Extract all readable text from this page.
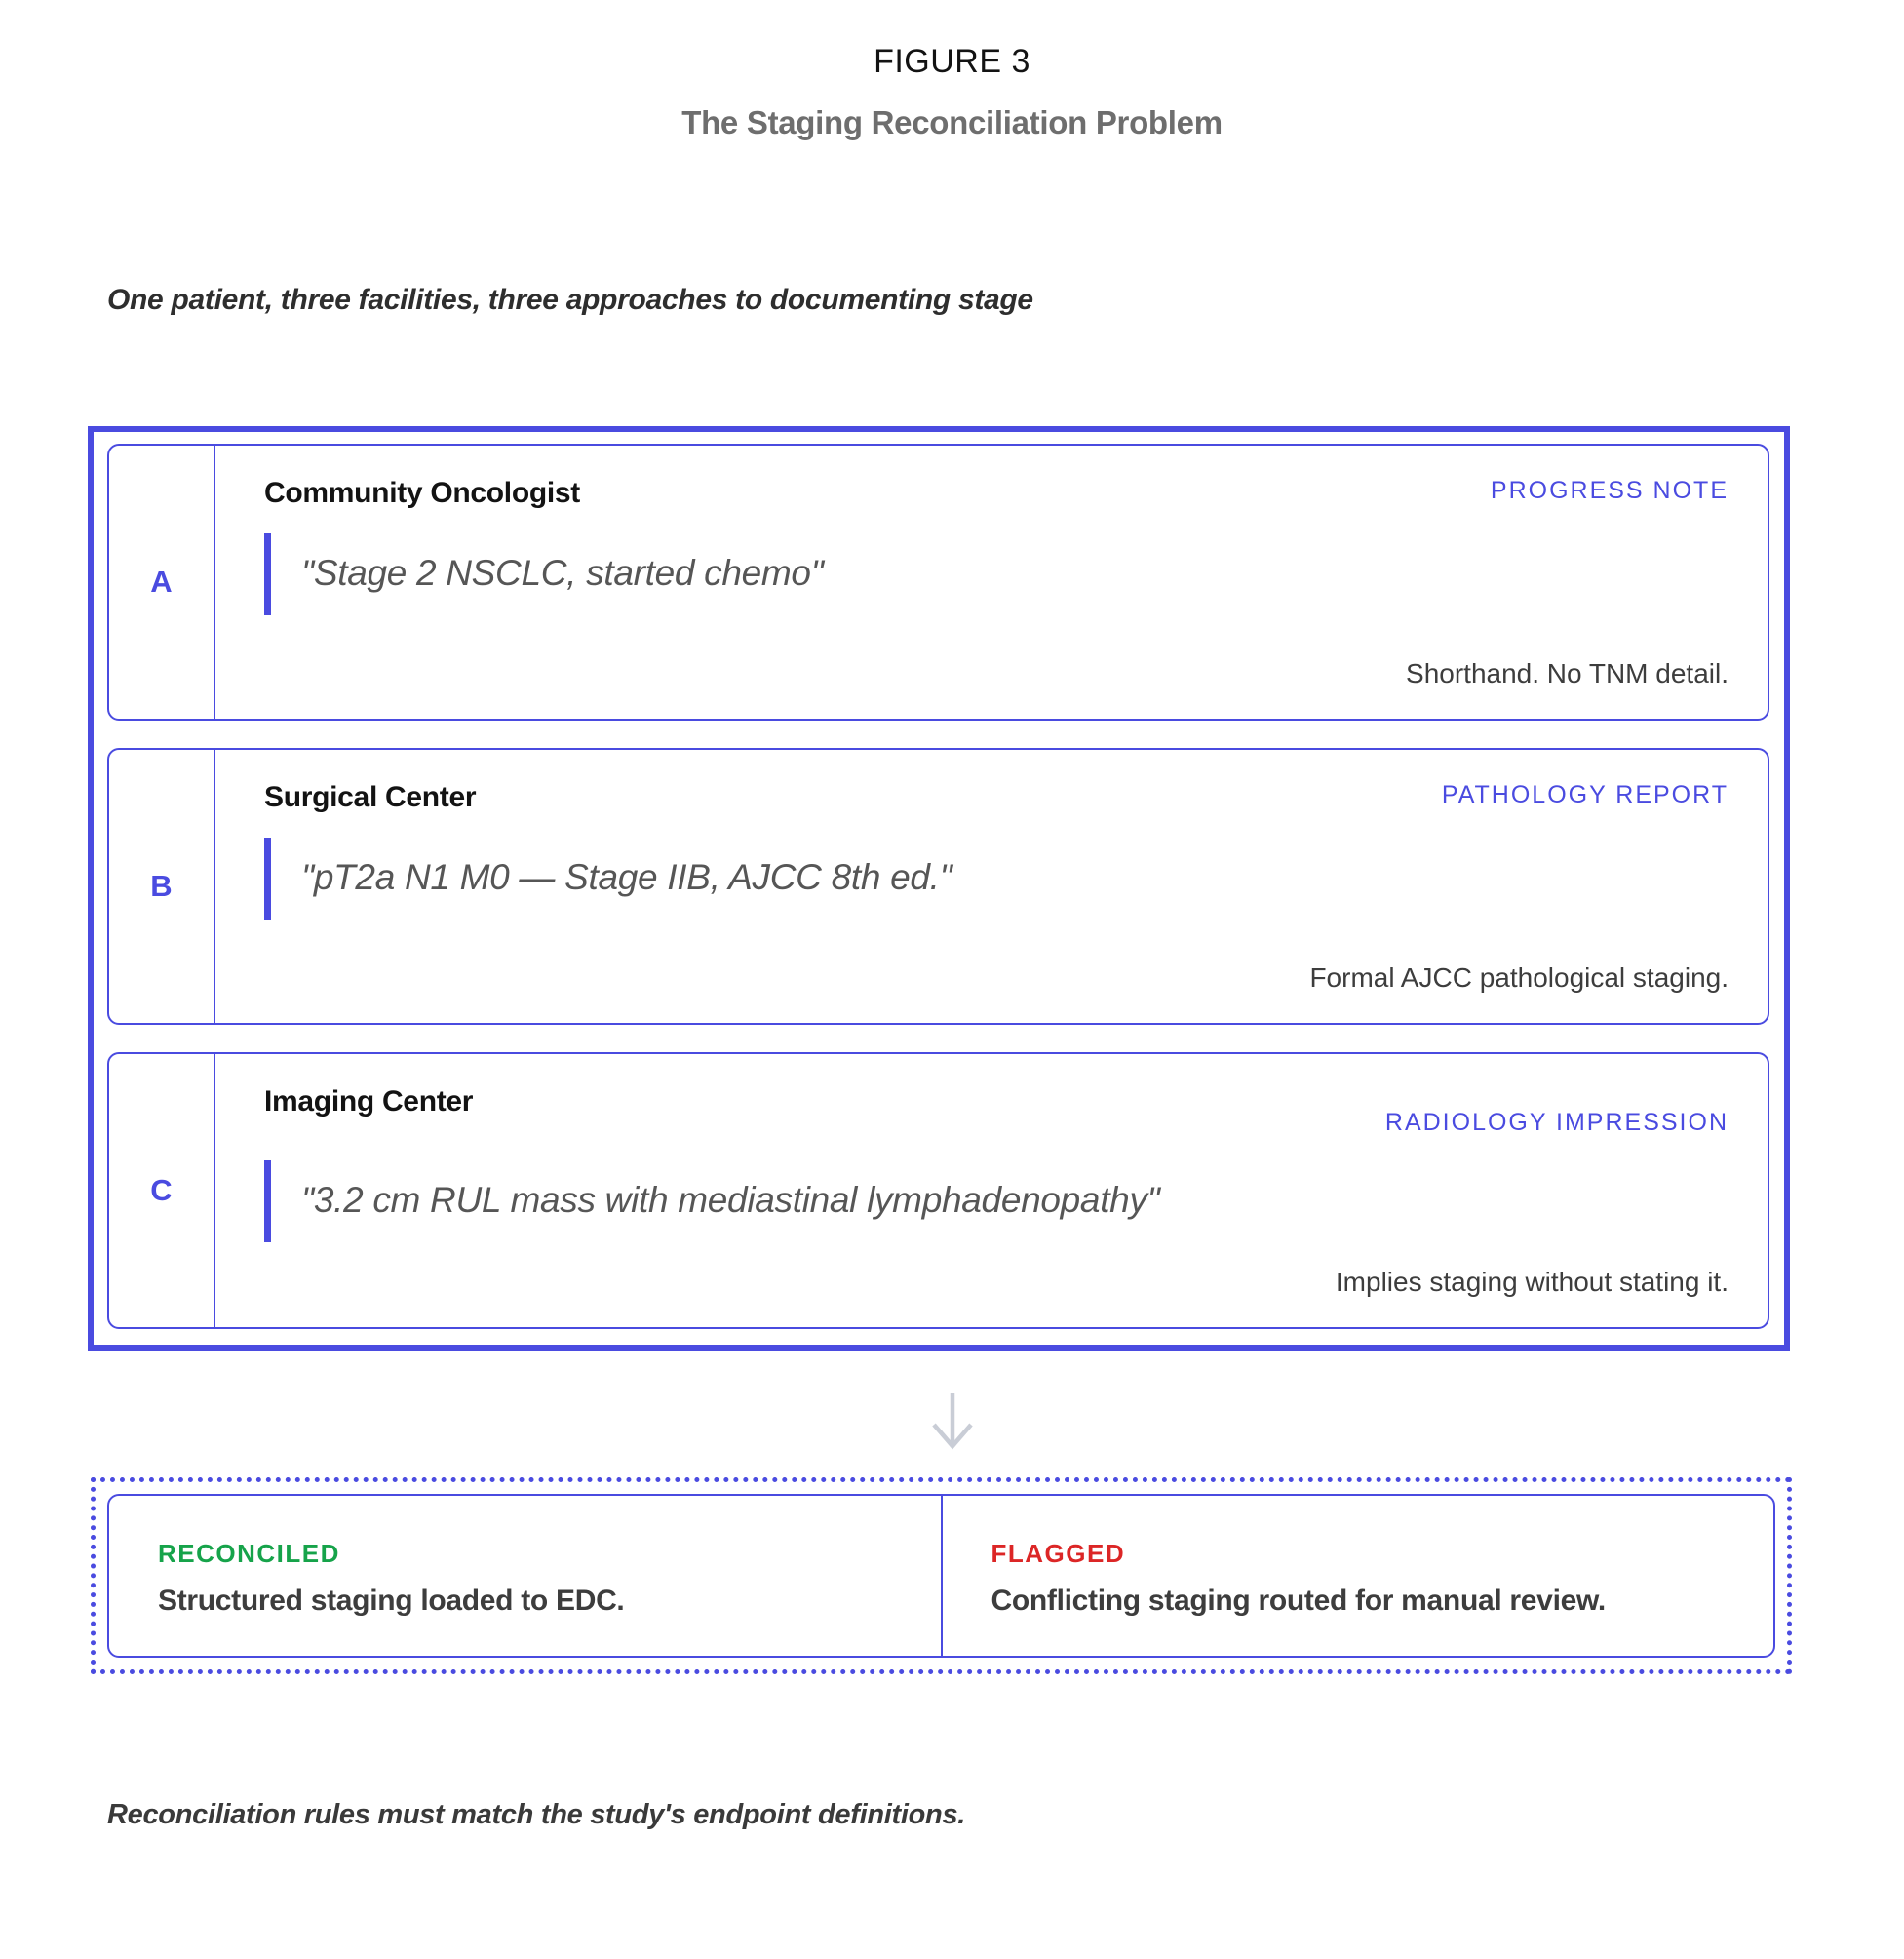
FIGURE 3
The Staging Reconciliation Problem

One patient, three facilities, three approaches to documenting stage

A
Community Oncologist	PROGRESS NOTE
"Stage 2 NSCLC, started chemo"
Shorthand. No TNM detail.
B
Surgical Center	PATHOLOGY REPORT
"pT2a N1 M0 — Stage IIB, AJCC 8th ed."
Formal AJCC pathological staging.
C
Imaging Center
RADIOLOGY IMPRESSION
"3.2 cm RUL mass with mediastinal lymphadenopathy"
Implies staging without stating it.
RECONCILED
Structured staging loaded to EDC.
FLAGGED
Conflicting staging routed for manual review.

Reconciliation rules must match the study's endpoint definitions.
